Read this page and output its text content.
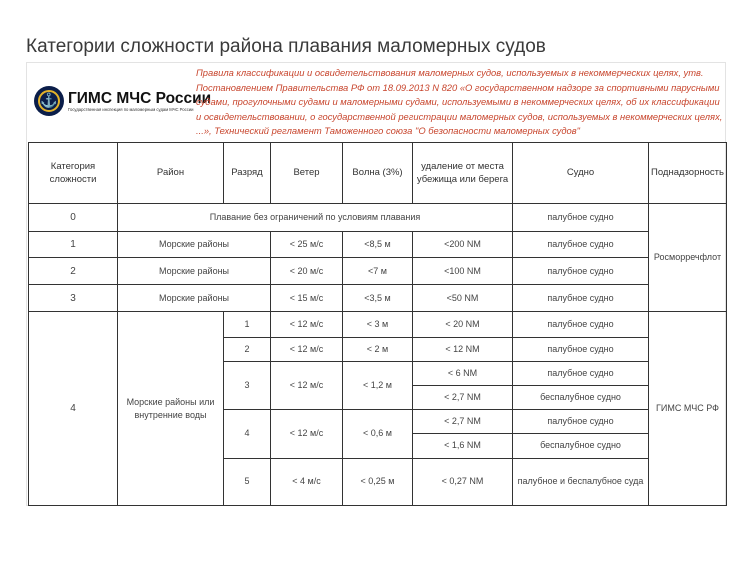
Категории сложности района плавания маломерных судов
⚓
ГИМС МЧС России
Государственная инспекция по маломерным судам МЧС России

Правила классификации и освидетельствования маломерных судов, используемых в некоммерческих целях, утв. Постановлением Правительства РФ от 18.09.2013 N 820 «О государственном надзоре за спортивными парусными судами, прогулочными судами и маломерными судами, используемыми в некоммерческих целях, об их классификации и освидетельствовании, о государственной регистрации маломерных судов, используемых в некоммерческих целях, ...», Технический регламент Таможенного союза "О безопасности маломерных судов"

Категория сложности	Район	Разряд	Ветер	Волна (3%)	удаление от места убежища или берега	Судно	Поднадзорность
0	Плавание без ограничений по условиям плавания					палубное судно	Росморречфлот
1	Морские районы		< 25 м/с	<8,5 м	<200 NM	палубное судно	
2	Морские районы		< 20 м/с	<7 м	<100 NM	палубное судно	
3	Морские районы		< 15 м/с	<3,5 м	<50 NM	палубное судно	
4	Морские районы или внутренние воды	1	< 12 м/с	< 3 м	< 20 NM	палубное судно	ГИМС МЧС РФ
		2	< 12 м/с	< 2 м	< 12 NM	палубное судно	
		3	< 12 м/с	< 1,2 м	< 6 NM	палубное судно	
					< 2,7 NM	беспалубное судно	
		4	< 12 м/с	< 0,6 м	< 2,7 NM	палубное судно	
					< 1,6 NM	беспалубное судно	
		5	< 4 м/с	< 0,25 м	< 0,27 NM	палубное и беспалубное суда	
